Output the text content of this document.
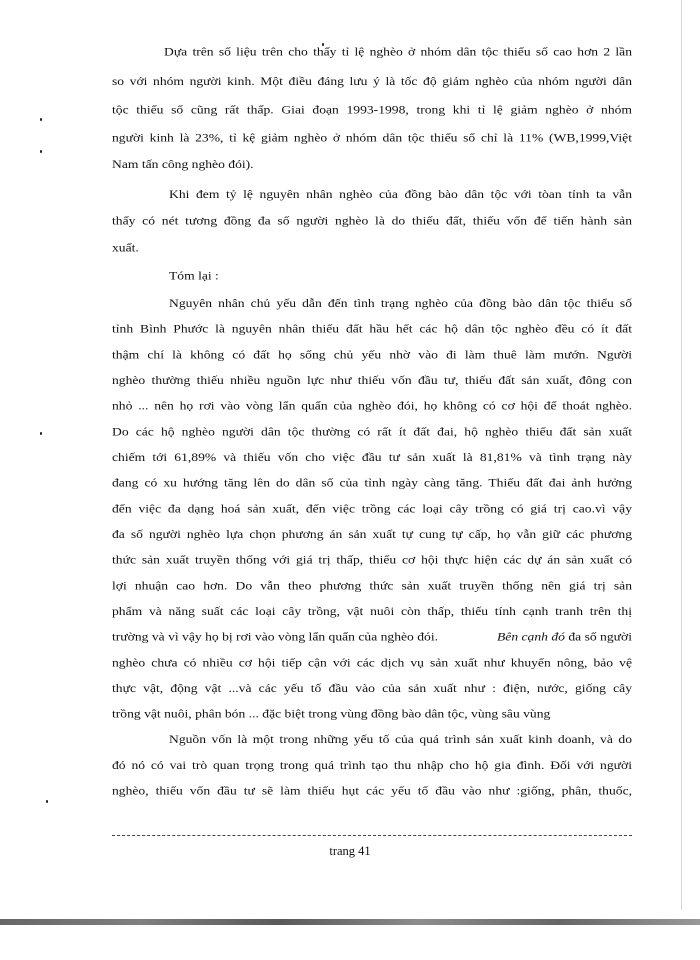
Dựa trên số liệu trên cho thấy tỉ lệ nghèo ở nhóm dân tộc thiểu số cao hơn 2 lần
so với nhóm người kinh. Một điều đáng lưu ý là tốc độ giảm nghèo của nhóm người dân
tộc thiểu số cũng rất thấp. Giai đoạn 1993-1998, trong khi tỉ lệ giảm nghèo ở nhóm
người kinh là 23%, tỉ kệ giảm nghèo ở nhóm dân tộc thiểu số chỉ là 11% (WB,1999,Việt
Nam tấn công nghèo đói).
Khi đem tỷ lệ nguyên nhân nghèo của đồng bào dân tộc với tòan tỉnh ta vẫn
thấy có nét tương đồng đa số người nghèo là do thiếu đất, thiếu vốn để tiến hành sản
xuất.
Tóm lại :
Nguyên nhân chủ yếu dẫn đến tình trạng nghèo của đồng bào dân tộc thiểu số
tỉnh Bình Phước là nguyên nhân thiếu đất hầu hết các hộ dân tộc nghèo đều có ít đất
thậm chí là không có đất họ sống chủ yếu nhờ vào đi làm thuê làm mướn. Người
nghèo thường thiếu nhiều nguồn lực như thiếu vốn đầu tư, thiếu đất sản xuất, đông con
nhỏ ... nên họ rơi vào vòng lẩn quẩn của nghèo đói, họ không có cơ hội để thoát nghèo.
Do các hộ nghèo người dân tộc thường có rất ít đất đai, hộ nghèo thiếu đất sản xuất
chiếm tới 61,89% và thiếu vốn cho việc đầu tư sản xuất là 81,81% và tình trạng này
đang có xu hướng tăng lên do dân số của tỉnh ngày càng tăng. Thiếu đất đai ảnh hưởng
đến việc đa dạng hoá sản xuất, đến việc trồng các loại cây trồng có giá trị cao.vì vậy
đa số người nghèo lựa chọn phương án sản xuất tự cung tự cấp, họ vẫn giữ các phương
thức sản xuất truyền thống với giá trị thấp, thiếu cơ hội thực hiện các dự án sản xuất có
lợi nhuận cao hơn. Do vẫn theo phương thức sản xuất truyền thống nên giá trị sản
phẩm và năng suất các loại cây trồng, vật nuôi còn thấp, thiếu tính cạnh tranh trên thị
trường và vì vậy họ bị rơi vào vòng lẩn quẩn của nghèo đói.	Bên cạnh đó đa số người
nghèo chưa có nhiều cơ hội tiếp cận với các dịch vụ sản xuất như khuyến nông, bảo vệ
thực vật, động vật ...và các yếu tố đầu vào của sản xuất như : điện, nước, giống cây
trồng vật nuôi, phân bón ... đặc biệt trong vùng đồng bào dân tộc, vùng sâu vùng
Nguồn vốn là một trong những yếu tố của quá trình sản xuất kinh doanh, và do
đó nó có vai trò quan trọng trong quá trình tạo thu nhập cho hộ gia đình. Đối với người
nghèo, thiếu vốn đầu tư sẽ làm thiếu hụt các yếu tố đầu vào như :giống, phân, thuốc,
trang 41
